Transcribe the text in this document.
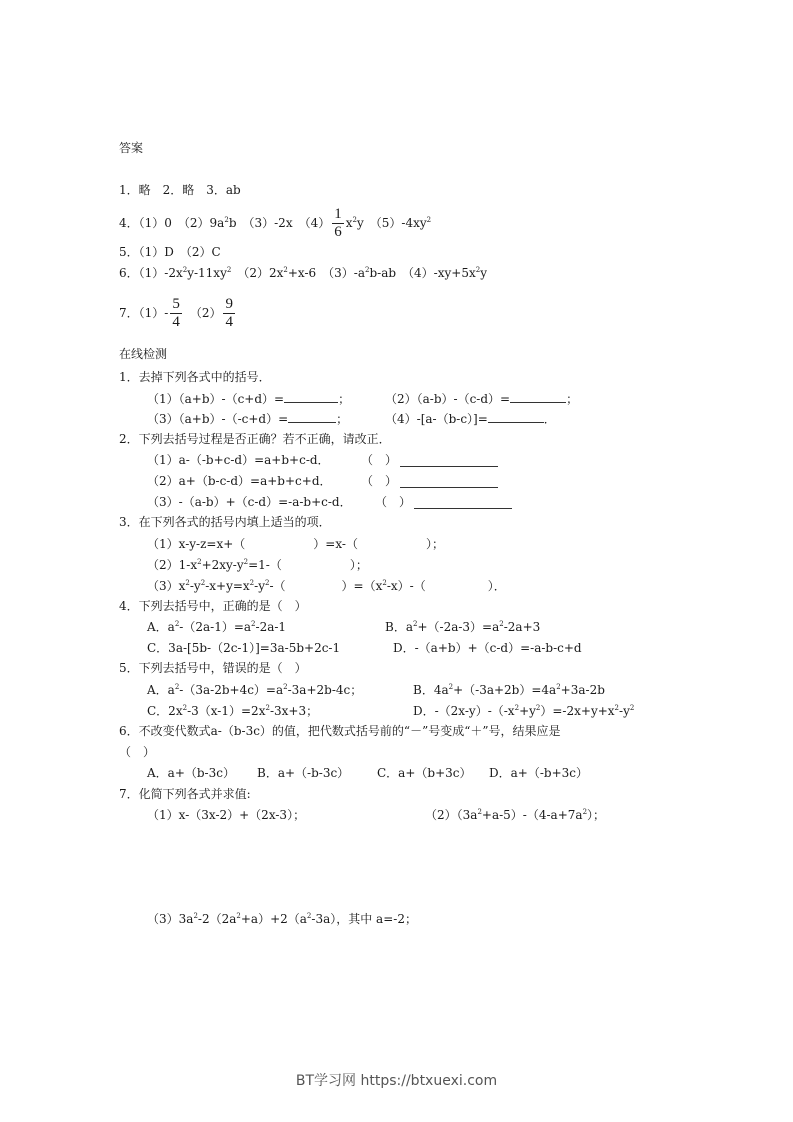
答案
1．略　2．略　3．ab
4．（1）0　$(2)9a^2b$　（3）-2x　$(4) \frac{1}{6} x^2y$　$(5)-4xy^2$
5．（1）D　（2）C
6．$(1)-2x^2y-11xy^2$　$(2)2x^2+x-6$　$(3)-a^2b-ab$　$(4)-xy+5x^2y$
7．$(1)- \frac{5}{4}$ 　$(2) \frac{9}{4}$
在线检测
1．去掉下列各式中的括号．
（1）（a+b）-（c+d）=	；	（2）（a-b）-（c-d）=	；
（3）（a+b）-（-c+d）=	；	（4）-[a-（b-c）]=	．
2．下列去括号过程是否正确？若不正确，请改正．
（1）a-（-b+c-d）=a+b+c-d．	（　）
（2）a+（b-c-d）=a+b+c+d． （　）
（3）-（a-b）+（c-d）=-a-b+c-d． （　）
3．在下列各式的括号内填上适当的项．
（1）x-y-z=x+（	）=x-（	）；
$(2)1-x^2+2xy-y^2=1-$（	）；
$(3)x^2-y^2-x+y=x^2-y^2-$（	）$=(x^2-x)-$（	）．
4．下列去括号中，正确的是（　）
A．$a^2-(2a-1)=a^2-2a-1$	B．$a^2+(-2a-3)=a^2-2a+3$
C．3a-[5b-（2c-1）]=3a-5b+2c-1	D．-（a+b）+（c-d）=-a-b-c+d
5．下列去括号中，错误的是（　）
A．$a^2-(3a-2b+4c)=a^2-3a+2b-4c$；	B．$4a^2+(-3a+2b)=4a^2+3a-2b$
C．$2x^2-3(x-1)=2x^2-3x+3$；	D．$-(2x-y)-(-x^2+y^2)=-2x+y+x^2-y^2$
6．不改变代数式a-（b-3c）的值，把代数式括号前的“－”号变成“＋”号，结果应是
（　）
A．a+（b-3c） B．a+（-b-3c） C．a+（b+3c） D．a+（-b+3c）
7．化简下列各式并求值:
（1）x-（3x-2）+（2x-3）；	$(2)(3a^2+a-5)-(4-a+7a^2)$；
$(3)3a^2-2(2a^2+a)+2(a^2-3a)$，其中 a=-2；
BT学习网 https://btxuexi.com
